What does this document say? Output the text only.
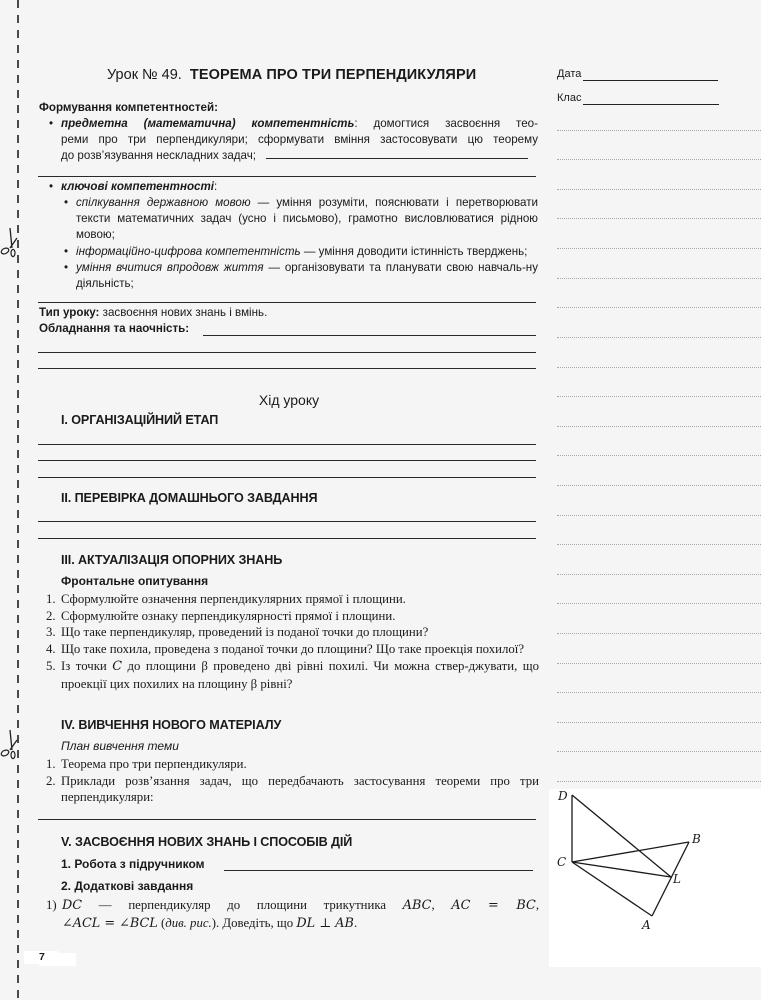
Урок № 49. ТЕОРЕМА ПРО ТРИ ПЕРПЕНДИКУЛЯРИ	Дата
Клас
Формування компетентностей:
• предметна (математична) компетентність: домогтися засвоєння тео-
реми про три перпендикуляри; сформувати вміння застосовувати цю теорему
до розв’язування нескладних задач;
• ключові компетентності:
• спілкування державною мовою — уміння розуміти, пояснювати і перетворювати тексти математичних задач (усно і письмово), грамотно висловлюватися рідною мовою;
• інформаційно-цифрова компетентність — уміння доводити істинність тверджень;
• уміння вчитися впродовж життя — організовувати та планувати свою навчаль-ну діяльність;
Тип уроку: засвоєння нових знань і вмінь.
Обладнання та наочність:
Хід уроку
I. ОРГАНІЗАЦІЙНИЙ ЕТАП
II. ПЕРЕВІРКА ДОМАШНЬОГО ЗАВДАННЯ
III. АКТУАЛІЗАЦІЯ ОПОРНИХ ЗНАНЬ
Фронтальне опитування
1. Сформулюйте означення перпендикулярних прямої і площини.
2. Сформулюйте ознаку перпендикулярності прямої і площини.
3. Що таке перпендикуляр, проведений із поданої точки до площини?
4. Що таке похила, проведена з поданої точки до площини? Що таке проекція похилої?
5. Із точки C до площини β проведено дві рівні похилі. Чи можна ствер-джувати, що проекції цих похилих на площину β рівні?
IV. ВИВЧЕННЯ НОВОГО МАТЕРІАЛУ
План вивчення теми
1. Теорема про три перпендикуляри.
2. Приклади розв’язання задач, що передбачають застосування теореми про три перпендикуляри:
V. ЗАСВОЄННЯ НОВИХ ЗНАНЬ І СПОСОБІВ ДІЙ
1. Робота з підручником
2. Додаткові завдання
1) DC — перпендикуляр до площини трикутника ABC, AC = BC,
∠ACL = ∠BCL (див. рис.). Доведіть, що DL ⊥ AB.
D
C
B
L
A
7
